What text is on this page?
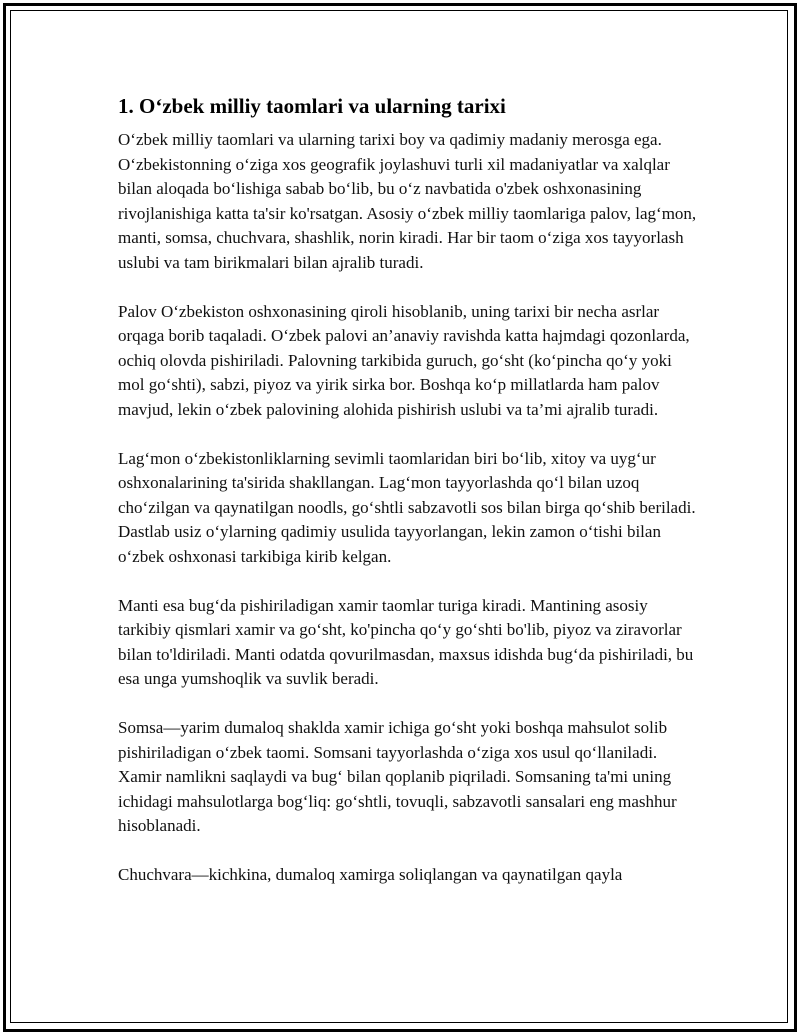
1. O‘zbek milliy taomlari va ularning tarixi

O‘zbek milliy taomlari va ularning tarixi boy va qadimiy madaniy merosga ega. O‘zbekistonning o‘ziga xos geografik joylashuvi turli xil madaniyatlar va xalqlar bilan aloqada bo‘lishiga sabab bo‘lib, bu o‘z navbatida o'zbek oshxonasining rivojlanishiga katta ta'sir ko'rsatgan. Asosiy o‘zbek milliy taomlariga palov, lag‘mon, manti, somsa, chuchvara, shashlik, norin kiradi. Har bir taom o‘ziga xos tayyorlash uslubi va tam birikmalari bilan ajralib turadi.

Palov O‘zbekiston oshxonasining qiroli hisoblanib, uning tarixi bir necha asrlar orqaga borib taqaladi. O‘zbek palovi an’anaviy ravishda katta hajmdagi qozonlarda, ochiq olovda pishiriladi. Palovning tarkibida guruch, go‘sht (ko‘pincha qo‘y yoki mol go‘shti), sabzi, piyoz va yirik sirka bor. Boshqa ko‘p millatlarda ham palov mavjud, lekin o‘zbek palovining alohida pishirish uslubi va ta’mi ajralib turadi.

Lag‘mon o‘zbekistonliklarning sevimli taomlaridan biri bo‘lib, xitoy va uyg‘ur oshxonalarining ta'sirida shakllangan. Lag‘mon tayyorlashda qo‘l bilan uzoq cho‘zilgan va qaynatilgan noodls, go‘shtli sabzavotli sos bilan birga qo‘shib beriladi. Dastlab usiz o‘ylarning qadimiy usulida tayyorlangan, lekin zamon o‘tishi bilan o‘zbek oshxonasi tarkibiga kirib kelgan.

Manti esa bug‘da pishiriladigan xamir taomlar turiga kiradi. Mantining asosiy tarkibiy qismlari xamir va go‘sht, ko'pincha qo‘y go‘shti bo'lib, piyoz va ziravorlar bilan to'ldiriladi. Manti odatda qovurilmasdan, maxsus idishda bug‘da pishiriladi, bu esa unga yumshoqlik va suvlik beradi.

Somsa—yarim dumaloq shaklda xamir ichiga go‘sht yoki boshqa mahsulot solib pishiriladigan o‘zbek taomi. Somsani tayyorlashda o‘ziga xos usul qo‘llaniladi. Xamir namlikni saqlaydi va bug‘ bilan qoplanib piqriladi. Somsaning ta'mi uning ichidagi mahsulotlarga bog‘liq: go‘shtli, tovuqli, sabzavotli sansalari eng mashhur hisoblanadi.

Chuchvara—kichkina, dumaloq xamirga soliqlangan va qaynatilgan qayla
